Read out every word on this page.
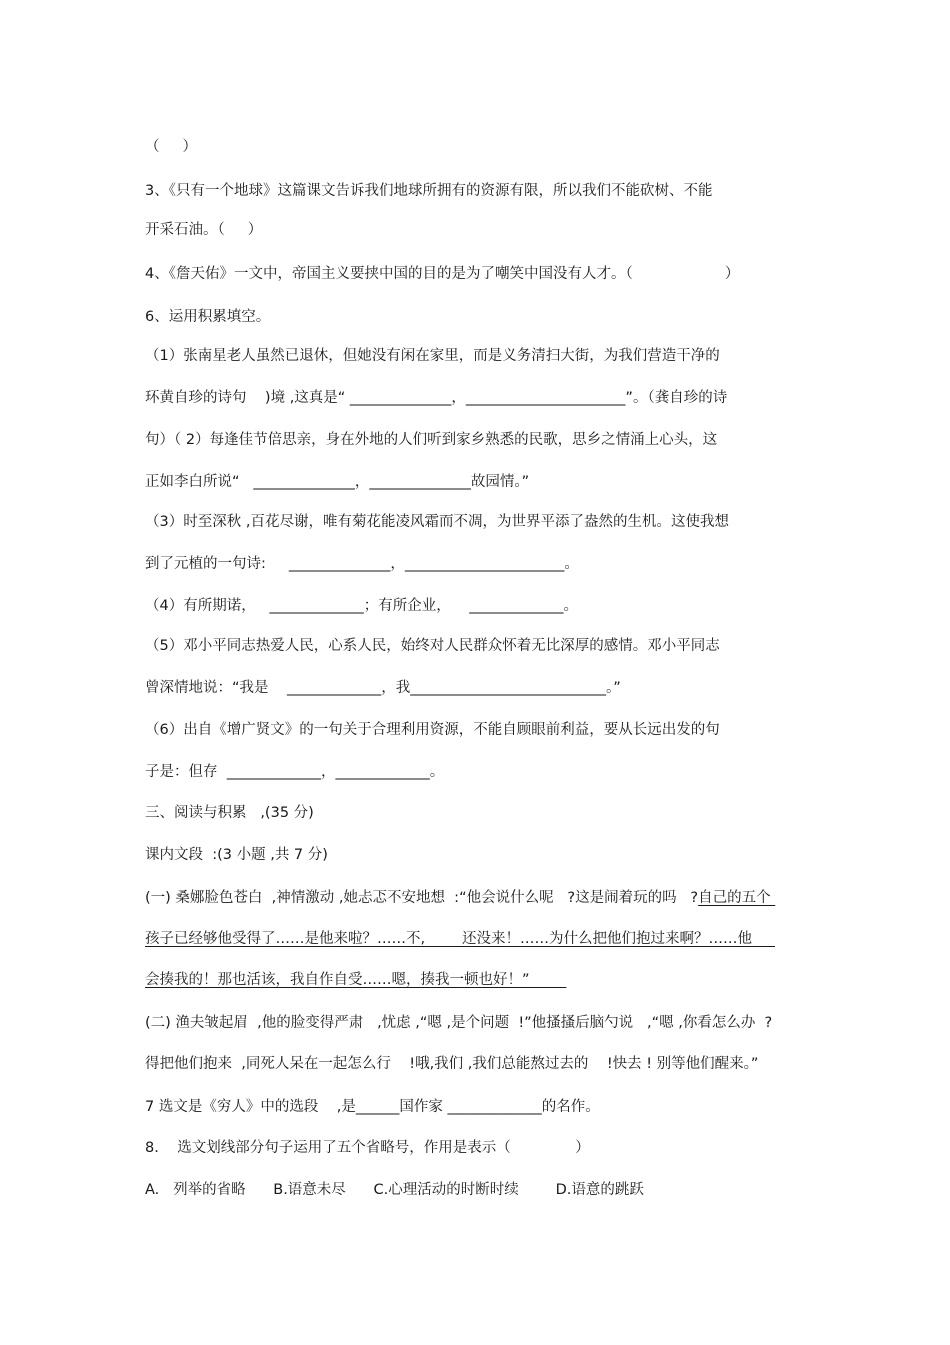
（     ）
3、《只有一个地球》这篇课文告诉我们地球所拥有的资源有限，所以我们不能砍树、不能
开采石油。（     ）
4、《詹天佑》一文中，帝国主义要挟中国的目的是为了嘲笑中国没有人才。（                    ）
6、运用积累填空。
（1）张南星老人虽然已退休，但她没有闲在家里，而是义务清扫大街，为我们营造干净的
环黄自珍的诗句    )境 ,这真是“ ______________，______________________”。（龚自珍的诗
句）（ 2）每逢佳节倍思亲，身在外地的人们听到家乡熟悉的民歌，思乡之情涌上心头，这
正如李白所说“   ______________，______________故园情。”
（3）时至深秋 ,百花尽谢，唯有菊花能凌风霜而不凋，为世界平添了盎然的生机。这使我想
到了元植的一句诗:     ______________，______________________。
（4）有所期诺，   _____________；有所企业，    _____________。
（5）邓小平同志热爱人民，心系人民，始终对人民群众怀着无比深厚的感情。邓小平同志
曾深情地说：“我是    _____________，我___________________________。”
（6）出自《增广贤文》的一句关于合理利用资源，不能自顾眼前利益，要从长远出发的句
子是：但存  _____________，_____________。
三、阅读与积累   ,(35 分)
课内文段  :(3 小题 ,共 7 分)
(一) 桑娜脸色苍白  ,神情激动 ,她忐忑不安地想  :“他会说什么呢   ?这是闹着玩的吗   ?自己的五个
孩子已经够他受得了……是他来啦？……不,        还没来！……为什么把他们抱过来啊？……他
会揍我的！那也活该，我自作自受……嗯，揍我一顿也好！”
(二) 渔夫皱起眉  ,他的脸变得严肃   ,忧虑 ,“嗯 ,是个问题  !”他搔搔后脑勺说   ,“嗯 ,你看怎么办  ?
得把他们抱来  ,同死人呆在一起怎么行    !哦,我们 ,我们总能熬过去的    !快去 ! 别等他们醒来。”
7 选文是《穷人》中的选段    ,是______国作家 _____________的名作。
8.    选文划线部分句子运用了五个省略号，作用是表示（              ）
A.   列举的省略      B.语意未尽      C.心理活动的时断时续        D.语意的跳跃
